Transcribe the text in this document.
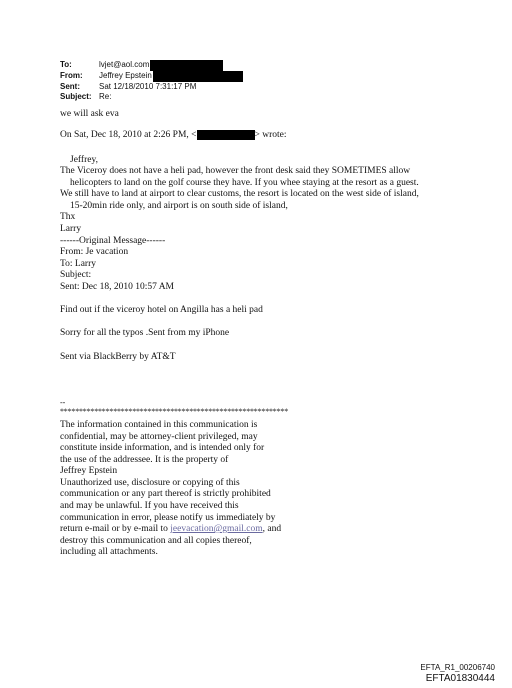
To:	lvjet@aol.com
From:	Jeffrey Epstein
Sent:	Sat 12/18/2010 7:31:17 PM
Subject: Re:
we will ask eva
On Sat, Dec 18, 2010 at 2:26 PM, <	> wrote:
Jeffrey,
The Viceroy does not have a heli pad, however the front desk said they SOMETIMES allow
helicopters to land on the golf course they have. If you whee staying at the resort as a guest.
We still have to land at airport to clear customs, the resort is located on the west side of island,
15-20min ride only, and airport is on south side of island,
Thx
Larry
------Original Message------
From: Je vacation
To: Larry
Subject:
Sent: Dec 18, 2010 10:57 AM
Find out if the viceroy hotel on Angilla has a heli pad
Sorry for all the typos .Sent from my iPhone
Sent via BlackBerry by AT&T
--
************************************************************
The information contained in this communication is
confidential, may be attorney-client privileged, may
constitute inside information, and is intended only for
the use of the addressee. It is the property of
Jeffrey Epstein
Unauthorized use, disclosure or copying of this
communication or any part thereof is strictly prohibited
and may be unlawful. If you have received this
communication in error, please notify us immediately by
return e-mail or by e-mail to jeevacation@gmail.com, and
destroy this communication and all copies thereof,
including all attachments.
EFTA_R1_00206740
EFTA01830444
